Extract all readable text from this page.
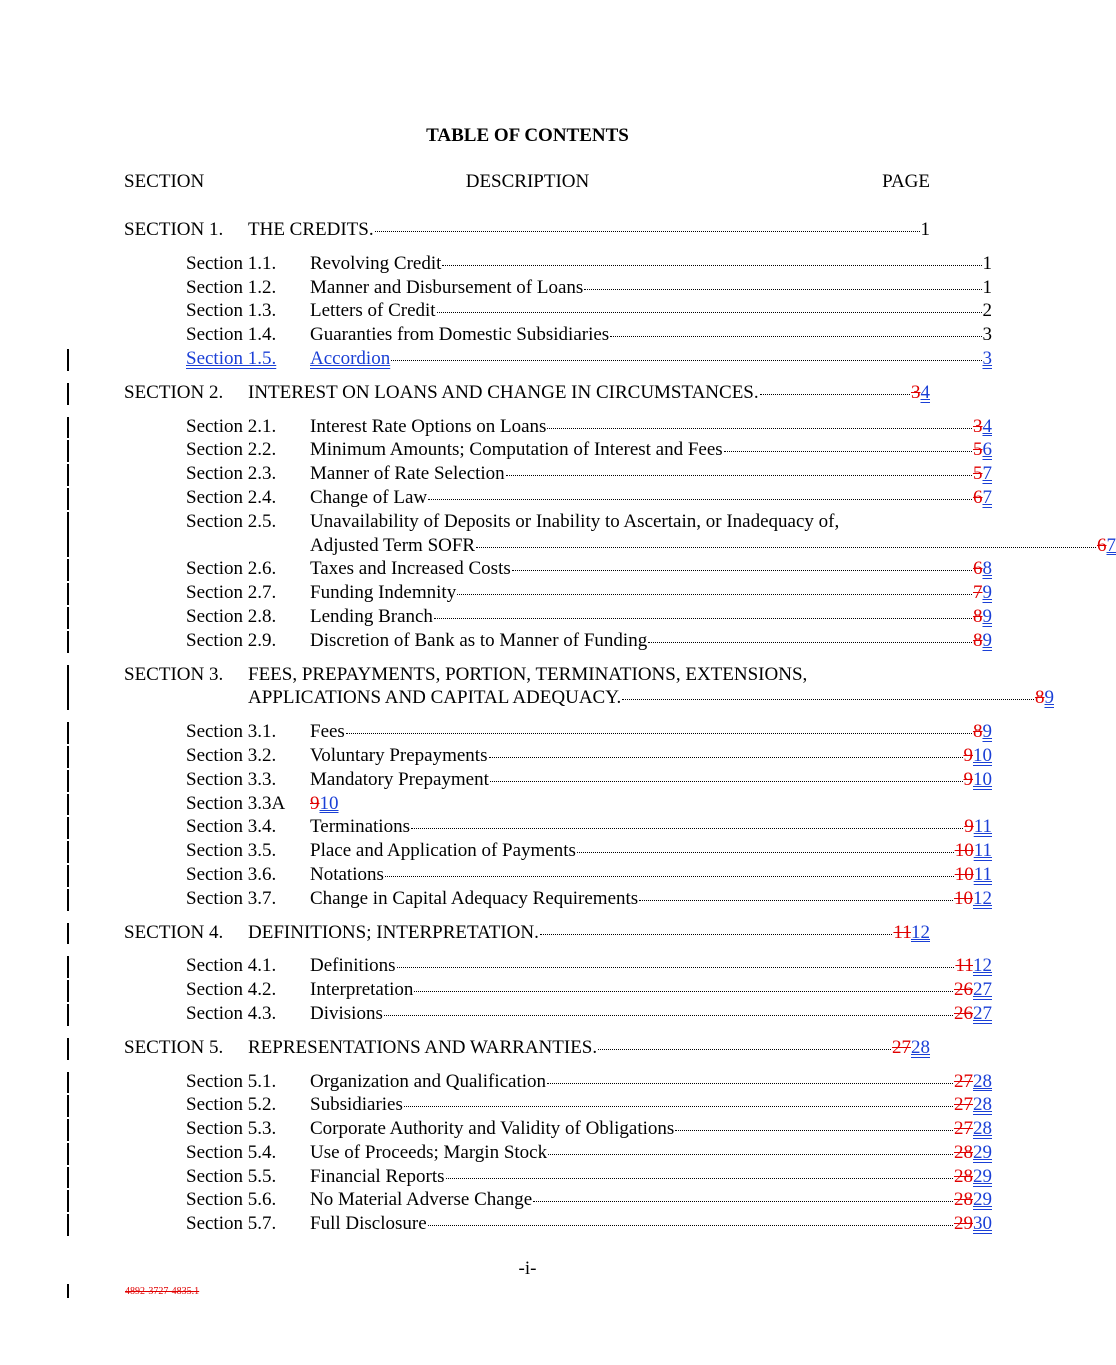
TABLE OF CONTENTS
SECTION	DESCRIPTION	PAGE
SECTION 1.	THE CREDITS.	1
Section 1.1.	Revolving Credit	1
Section 1.2.	Manner and Disbursement of Loans	1
Section 1.3.	Letters of Credit	2
Section 1.4.	Guaranties from Domestic Subsidiaries	3
Section 1.5.	Accordion	3
SECTION 2.	INTEREST ON LOANS AND CHANGE IN CIRCUMSTANCES.	34
Section 2.1.	Interest Rate Options on Loans	34
Section 2.2.	Minimum Amounts; Computation of Interest and Fees	56
Section 2.3.	Manner of Rate Selection	57
Section 2.4.	Change of Law	67
Section 2.5.	Unavailability of Deposits or Inability to Ascertain, or Inadequacy of,
Adjusted Term SOFR	67
Section 2.6.	Taxes and Increased Costs	68
Section 2.7.	Funding Indemnity	79
Section 2.8.	Lending Branch	89
Section 2.9.	Discretion of Bank as to Manner of Funding	89
SECTION 3.	FEES, PREPAYMENTS, PORTION, TERMINATIONS, EXTENSIONS,
APPLICATIONS AND CAPITAL ADEQUACY.	89
Section 3.1.	Fees	89
Section 3.2.	Voluntary Prepayments	910
Section 3.3.	Mandatory Prepayment	910
Section 3.3A	910
Section 3.4.	Terminations	911
Section 3.5.	Place and Application of Payments	1011
Section 3.6.	Notations	1011
Section 3.7.	Change in Capital Adequacy Requirements	1012
SECTION 4.	DEFINITIONS; INTERPRETATION.	1112
Section 4.1.	Definitions	1112
Section 4.2.	Interpretation	2627
Section 4.3.	Divisions	2627
SECTION 5.	REPRESENTATIONS AND WARRANTIES.	2728
Section 5.1.	Organization and Qualification	2728
Section 5.2.	Subsidiaries	2728
Section 5.3.	Corporate Authority and Validity of Obligations	2728
Section 5.4.	Use of Proceeds; Margin Stock	2829
Section 5.5.	Financial Reports	2829
Section 5.6.	No Material Adverse Change	2829
Section 5.7.	Full Disclosure	2930
-i-
4892-3727-4835.1
